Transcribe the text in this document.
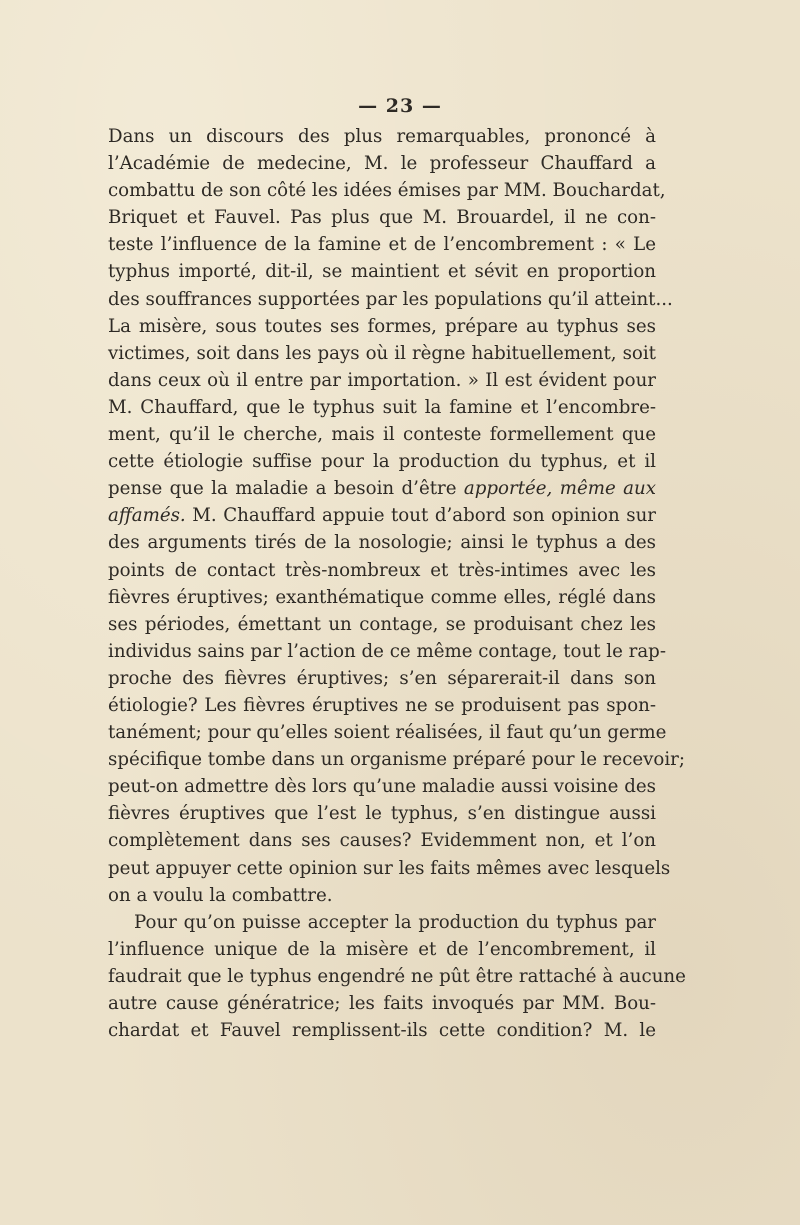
— 23 —
Dans un discours des plus remarquables, prononcé à
l’Académie de medecine, M. le professeur Chauffard a
combattu de son côté les idées émises par MM. Bouchardat,
Briquet et Fauvel. Pas plus que M. Brouardel, il ne con-
teste l’influence de la famine et de l’encombrement : « Le
typhus importé, dit-il, se maintient et sévit en proportion
des souffrances supportées par les populations qu’il atteint...
La misère, sous toutes ses formes, prépare au typhus ses
victimes, soit dans les pays où il règne habituellement, soit
dans ceux où il entre par importation. » Il est évident pour
M. Chauffard, que le typhus suit la famine et l’encombre-
ment, qu’il le cherche, mais il conteste formellement que
cette étiologie suffise pour la production du typhus, et il
pense que la maladie a besoin d’être apportée, même aux
affamés. M. Chauffard appuie tout d’abord son opinion sur
des arguments tirés de la nosologie; ainsi le typhus a des
points de contact très-nombreux et très-intimes avec les
fièvres éruptives; exanthématique comme elles, réglé dans
ses périodes, émettant un contage, se produisant chez les
individus sains par l’action de ce même contage, tout le rap-
proche des fièvres éruptives; s’en séparerait-il dans son
étiologie? Les fièvres éruptives ne se produisent pas spon-
tanément; pour qu’elles soient réalisées, il faut qu’un germe
spécifique tombe dans un organisme préparé pour le recevoir;
peut-on admettre dès lors qu’une maladie aussi voisine des
fièvres éruptives que l’est le typhus, s’en distingue aussi
complètement dans ses causes? Evidemment non, et l’on
peut appuyer cette opinion sur les faits mêmes avec lesquels
on a voulu la combattre.
Pour qu’on puisse accepter la production du typhus par
l’influence unique de la misère et de l’encombrement, il
faudrait que le typhus engendré ne pût être rattaché à aucune
autre cause génératrice; les faits invoqués par MM. Bou-
chardat et Fauvel remplissent-ils cette condition? M. le
